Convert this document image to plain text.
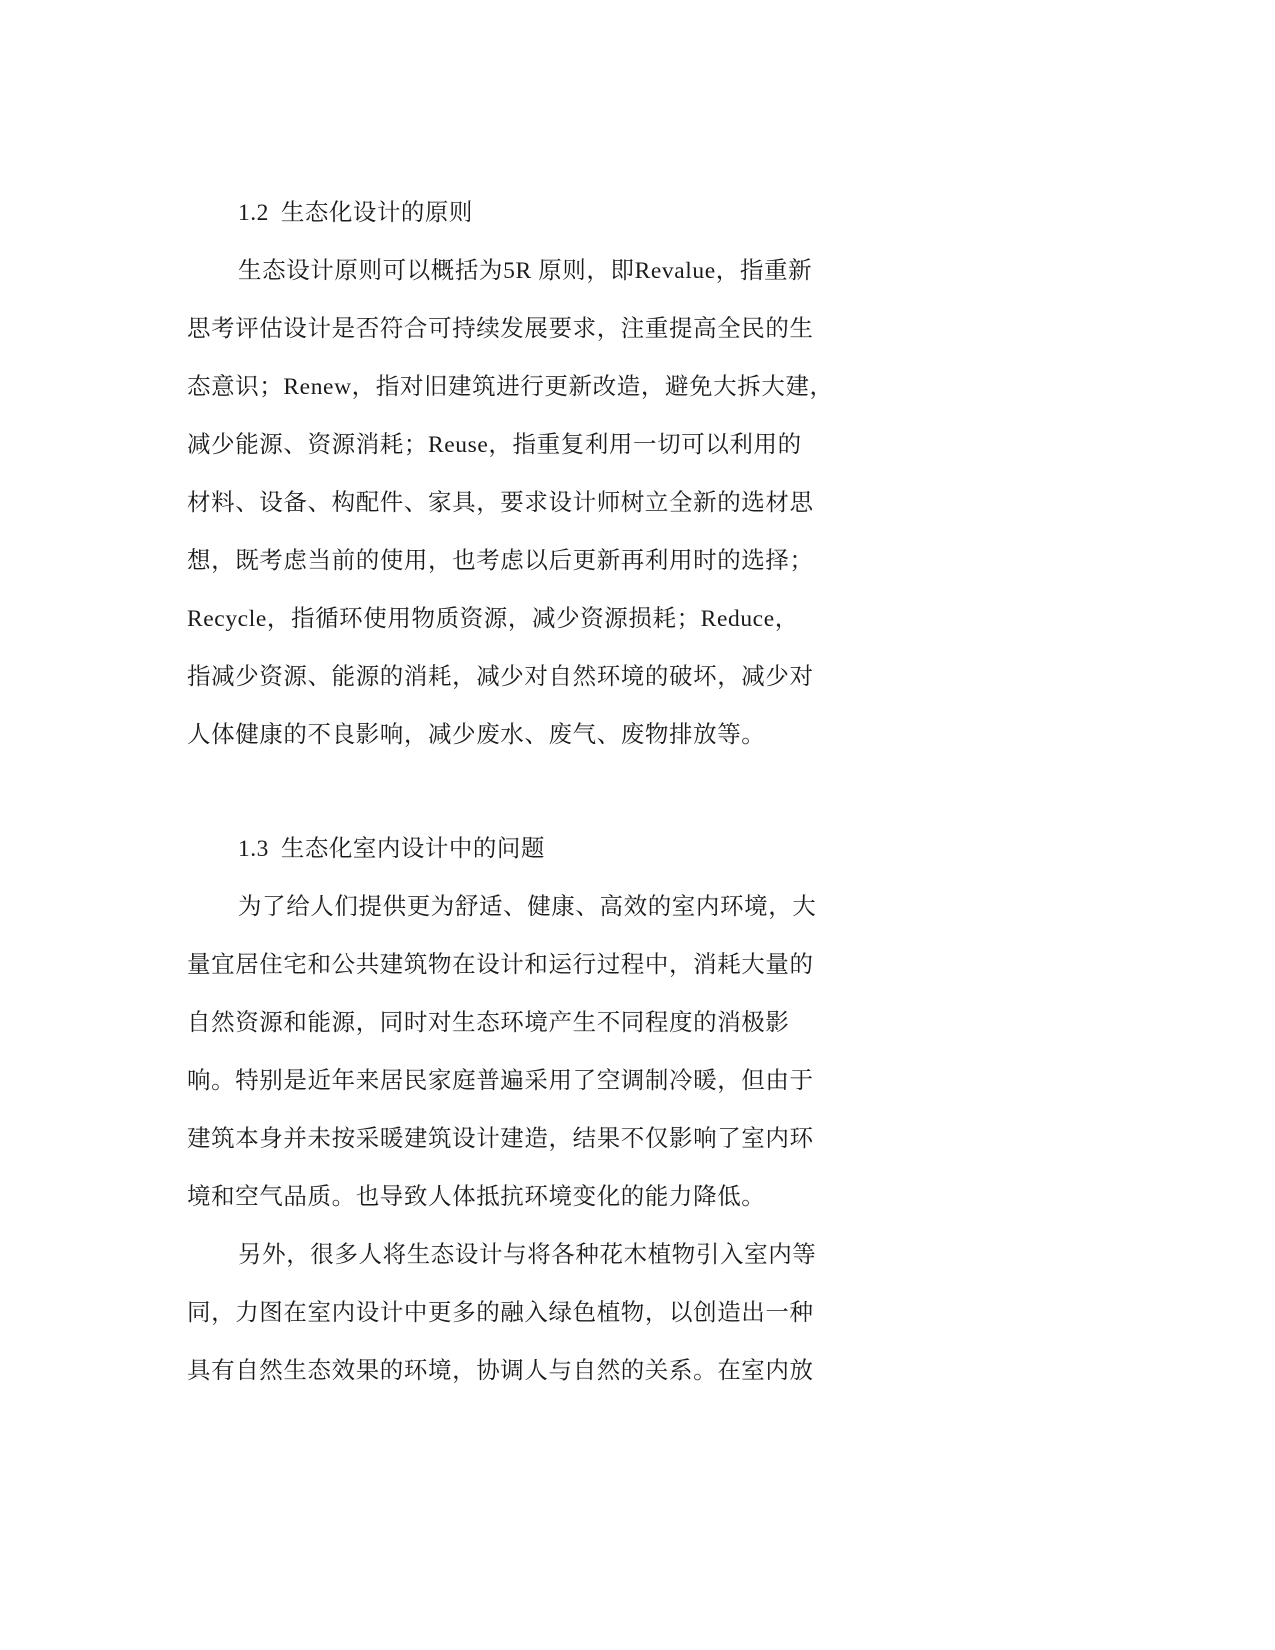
1.2 生态化设计的原则
生态设计原则可以概括为5R 原则，即Revalue，指重新
思考评估设计是否符合可持续发展要求，注重提高全民的生
态意识；Renew，指对旧建筑进行更新改造，避免大拆大建，
减少能源、资源消耗；Reuse，指重复利用一切可以利用的
材料、设备、构配件、家具，要求设计师树立全新的选材思
想，既考虑当前的使用，也考虑以后更新再利用时的选择；
Recycle，指循环使用物质资源，减少资源损耗；Reduce，
指减少资源、能源的消耗，减少对自然环境的破坏，减少对
人体健康的不良影响，减少废水、废气、废物排放等。
1.3 生态化室内设计中的问题
为了给人们提供更为舒适、健康、高效的室内环境，大
量宜居住宅和公共建筑物在设计和运行过程中，消耗大量的
自然资源和能源，同时对生态环境产生不同程度的消极影
响。特别是近年来居民家庭普遍采用了空调制冷暖，但由于
建筑本身并未按采暖建筑设计建造，结果不仅影响了室内环
境和空气品质。也导致人体抵抗环境变化的能力降低。
另外，很多人将生态设计与将各种花木植物引入室内等
同，力图在室内设计中更多的融入绿色植物，以创造出一种
具有自然生态效果的环境，协调人与自然的关系。在室内放
